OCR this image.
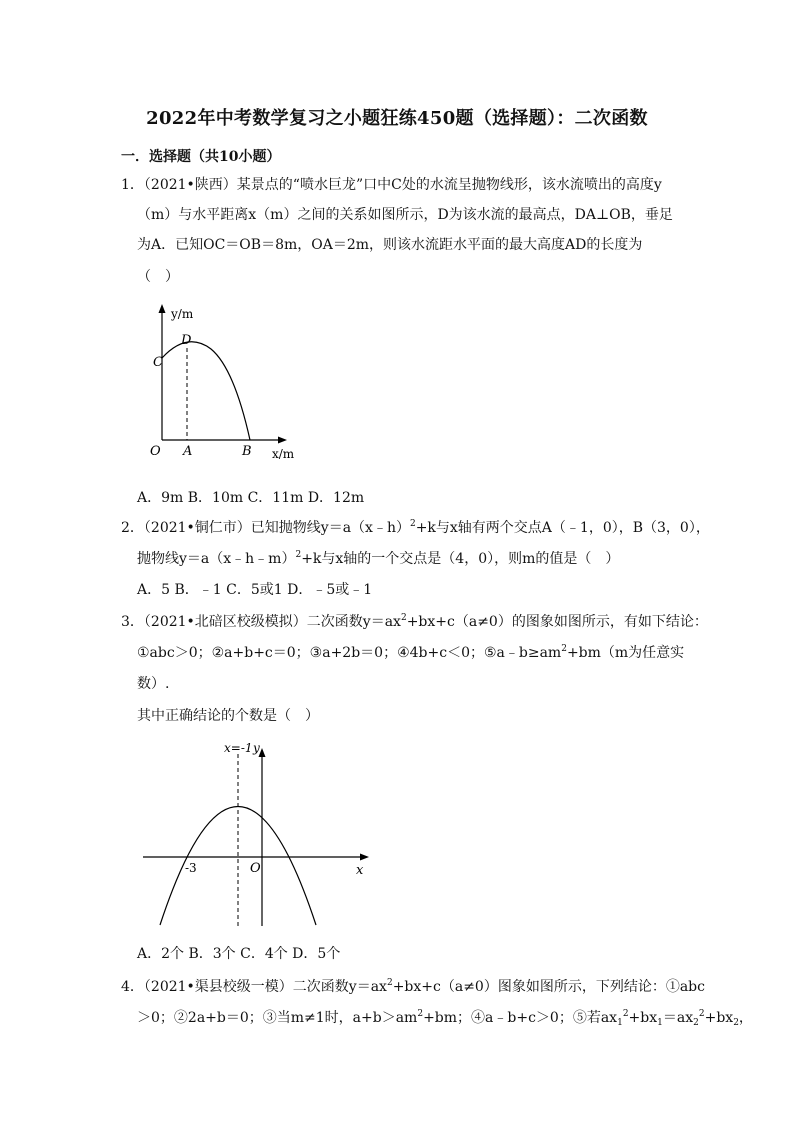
2022年中考数学复习之小题狂练450题（选择题）：二次函数
一．选择题（共10小题）
1．（2021•陕西）某景点的“喷水巨龙”口中C处的水流呈抛物线形，该水流喷出的高度y
（m）与水平距离x（m）之间的关系如图所示，D为该水流的最高点，DA⊥OB，垂足
为A．已知OC＝OB＝8m，OA＝2m，则该水流距水平面的最大高度AD的长度为
（　）
y/m
D
C
O A	B x/m
A．9m B．10m C．11m D．12m
2．（2021•铜仁市）已知抛物线y＝a（x﹣h）$^2$+k与x轴有两个交点A（﹣1，0），B（3，0），
抛物线y＝a（x﹣h﹣m）$^2$+k与x轴的一个交点是（4，0），则m的值是（　）
A．5 B．﹣1 C．5或1 D．﹣5或﹣1
3．（2021•北碚区校级模拟）二次函数$y=ax^2+bx+c(a\ne 0)$的图象如图所示，有如下结论：
①abc＞0；②a+b+c＝0；③a+2b＝0；④4b+c＜0；$⑤a﹣b\ge am^2+bm(m$为任意实
数）.
其中正确结论的个数是（　）
x=-1 y
-3	O	x
A．2个 B．3个 C．4个 D．5个
4．（2021•渠县校级一模）二次函数$y=ax^2+bx+c(a\ne 0)$图象如图所示，下列结论：①abc
＞0；②2a+b＝0；③当m≠1时，$a+b>am^2+bm$；④a﹣b+c＞0；⑤若$ax_1^2+bx_1=ax_2^2+bx_2$，
